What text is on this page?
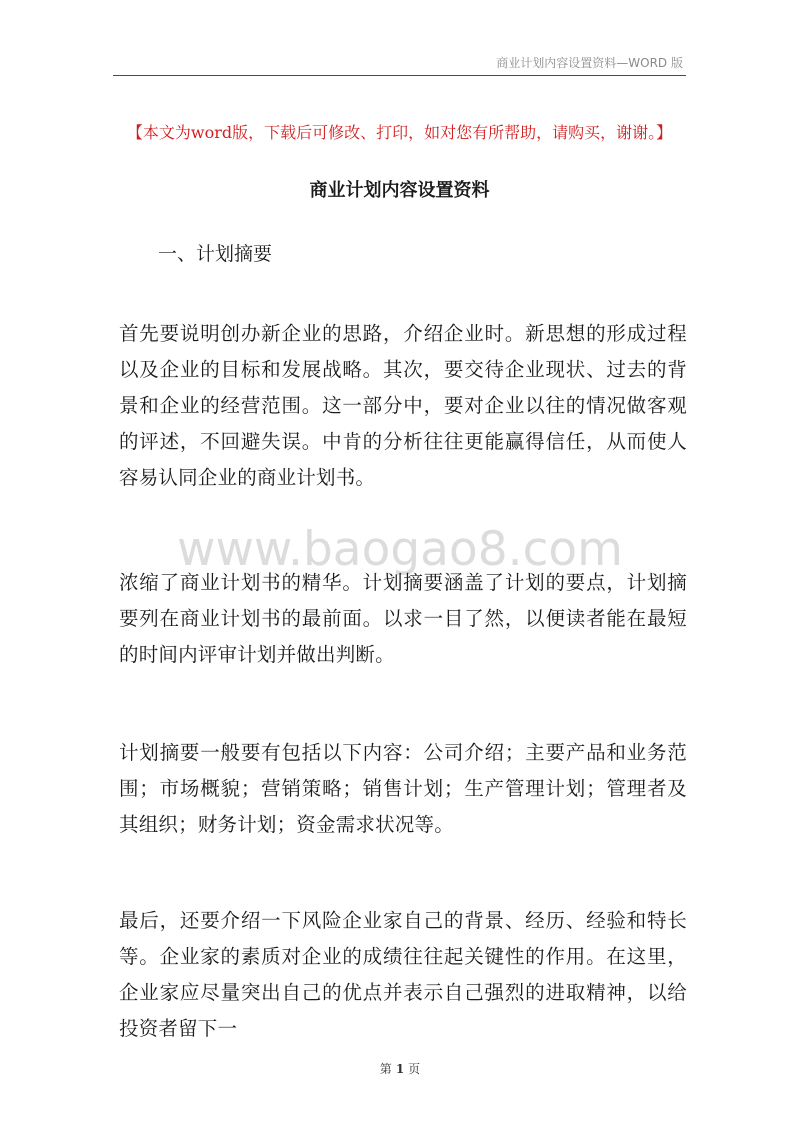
商业计划内容设置资料—WORD 版
【本文为word版，下载后可修改、打印，如对您有所帮助，请购买，谢谢。】
商业计划内容设置资料
一、计划摘要

首先要说明创办新企业的思路，介绍企业时。新思想的形成过程以及企业的目标和发展战略。其次，要交待企业现状、过去的背景和企业的经营范围。这一部分中，要对企业以往的情况做客观的评述，不回避失误。中肯的分析往往更能赢得信任，从而使人容易认同企业的商业计划书。

www.baogao8.com

浓缩了商业计划书的精华。计划摘要涵盖了计划的要点，计划摘要列在商业计划书的最前面。以求一目了然，以便读者能在最短的时间内评审计划并做出判断。

计划摘要一般要有包括以下内容：公司介绍；主要产品和业务范围；市场概貌；营销策略；销售计划；生产管理计划；管理者及其组织；财务计划；资金需求状况等。

最后，还要介绍一下风险企业家自己的背景、经历、经验和特长等。企业家的素质对企业的成绩往往起关键性的作用。在这里，企业家应尽量突出自己的优点并表示自己强烈的进取精神，以给投资者留下一

第 1 页
